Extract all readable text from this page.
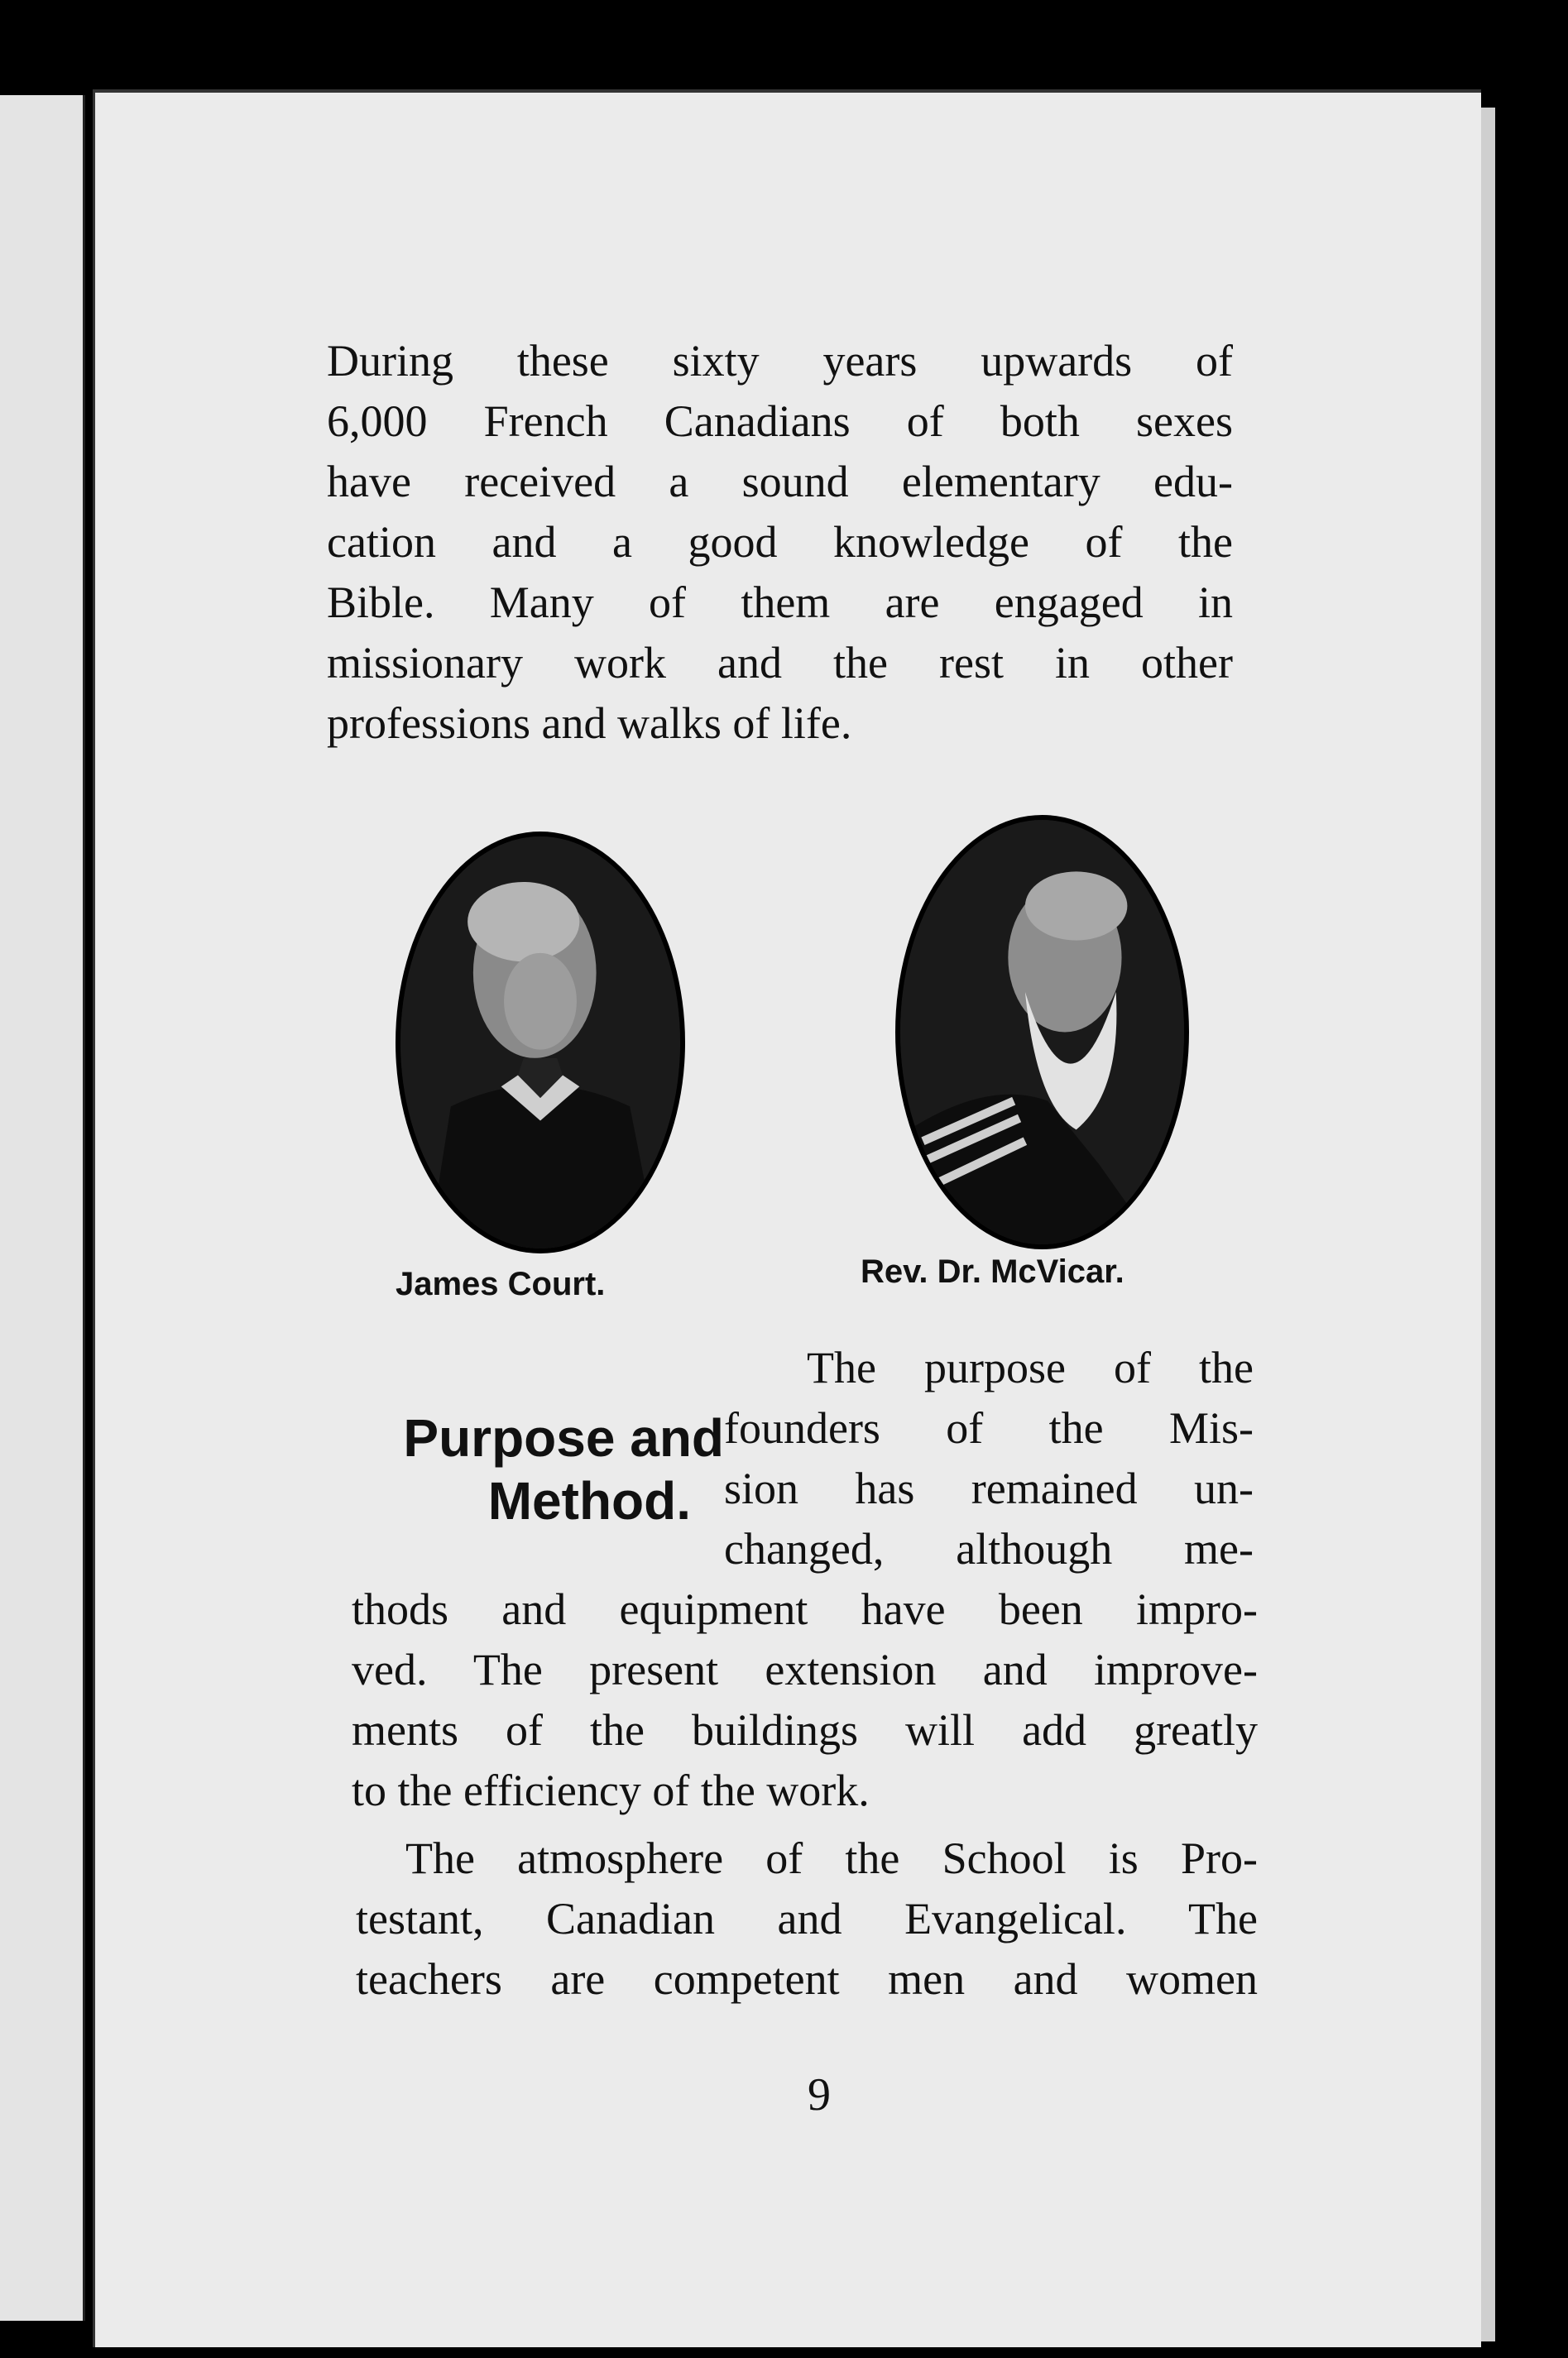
During these sixty years upwards of
6,000 French Canadians of both sexes
have received a sound elementary edu-
cation and a good knowledge of the
Bible. Many of them are engaged in
missionary work and the rest in other
professions and walks of life.
James Court.	Rev. Dr. McVicar.
Purpose and
Method.
The purpose of the
founders of the Mis-
sion has remained un-
changed, although me-
thods and equipment have been impro-
ved. The present extension and improve-
ments of the buildings will add greatly
to the efficiency of the work.
The atmosphere of the School is Pro-
testant, Canadian and Evangelical. The
teachers are competent men and women
9
